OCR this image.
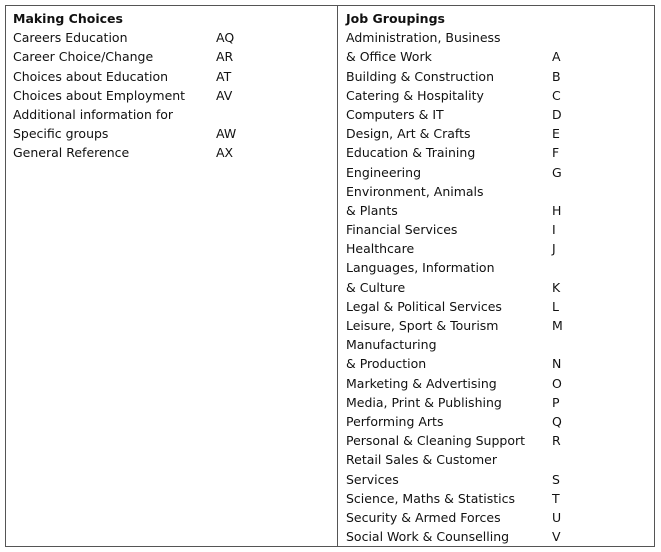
Making Choices
Careers Education	AQ
Career Choice/Change	AR
Choices about Education	AT
Choices about Employment AV
Additional information for
Specific groups	AW
General Reference	AX
Job Groupings
Administration, Business
& Office Work	A
Building & Construction	B
Catering & Hospitality	C
Computers & IT	D
Design, Art & Crafts	E
Education & Training	F
Engineering	G
Environment, Animals
& Plants	H
Financial Services	I
Healthcare	J
Languages, Information
& Culture	K
Legal & Political Services	L
Leisure, Sport & Tourism	M
Manufacturing
& Production	N
Marketing & Advertising	O
Media, Print & Publishing	P
Performing Arts	Q
Personal & Cleaning Support R
Retail Sales & Customer
Services	S
Science, Maths & Statistics	T
Security & Armed Forces	U
Social Work & Counselling	V
